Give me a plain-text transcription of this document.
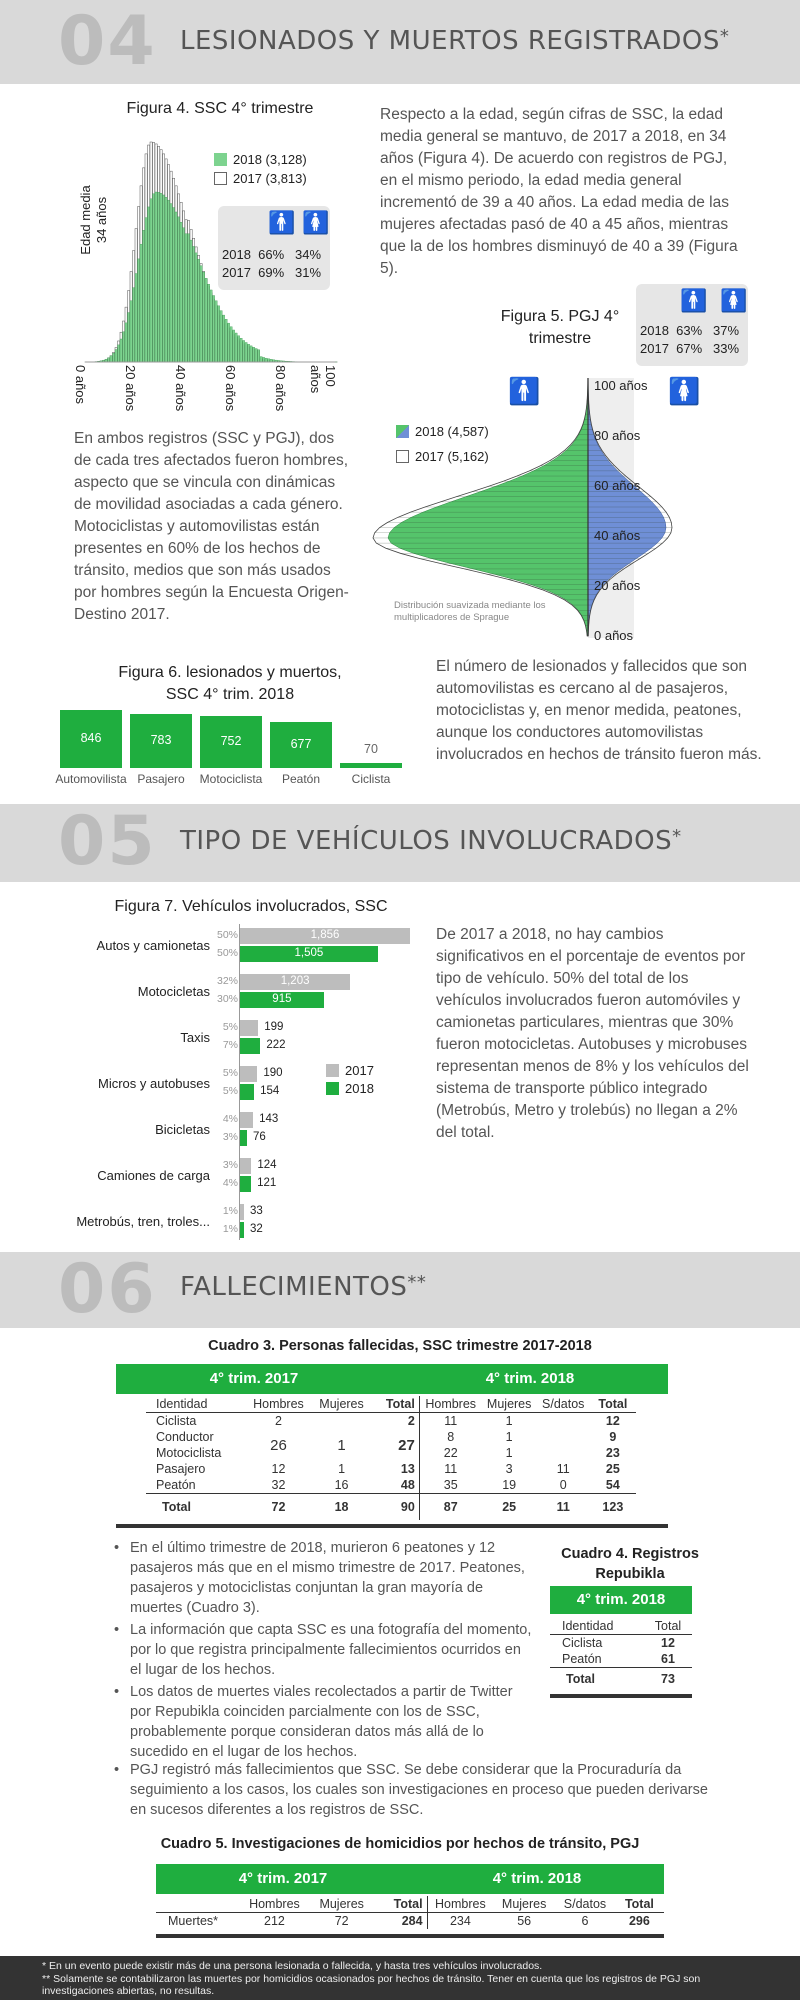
04 LESIONADOS Y MUERTOS REGISTRADOS*
Figura 4. SSC 4° trimestre
Edad media 34 años
2018 (3,128)
2017 (3,813)
🚹 🚺
2018 66% 34%
2017 69% 31%
0 años	20 años	40 años	60 años	80 años	100 años
Respecto a la edad, según cifras de SSC, la edad media general se mantuvo, de 2017 a 2018, en 34 años (Figura 4). De acuerdo con registros de PGJ, en el mismo periodo, la edad media general incrementó de 39 a 40 años. La edad media de las mujeres afectadas pasó de 40 a 45 años, mientras que la de los hombres disminuyó de 40 a 39 (Figura 5).
Figura 5. PGJ 4°
trimestre
🚹 🚺
2018 63% 37%
2017 67% 33%
🚹	🚺
100 años
80 años
60 años
40 años
20 años
0 años
2018 (4,587)
2017 (5,162)
Distribución suavizada mediante los
multiplicadores de Sprague
En ambos registros (SSC y PGJ), dos de cada tres afectados fueron hombres, aspecto que se vincula con dinámicas de movilidad asociadas a cada género. Motociclistas y automovilistas están presentes en 60% de los hechos de tránsito, medios que son más usados por hombres según la Encuesta Origen-Destino 2017.
Figura 6. lesionados y muertos,
SSC 4° trim. 2018
846
Automovilista
783
Pasajero
752
Motociclista
677
Peatón
70
Ciclista
El número de lesionados y fallecidos que son automovilistas es cercano al de pasajeros, motociclistas y, en menor medida, peatones, aunque los conductores automovilistas involucrados en hechos de tránsito fueron más.
05 TIPO DE VEHÍCULOS INVOLUCRADOS*
Figura 7. Vehículos involucrados, SSC
Autos y camionetas
50%	1,856
50%	1,505
Motocicletas
32%	1,203
30%	915
Taxis
5% 199
7% 222
Micros y autobuses
5% 190
5% 154
Bicicletas
4% 143
3% 76
Camiones de carga
3% 124
4% 121
Metrobús, tren, troles...
1% 33
1% 32
2017
2018
De 2017 a 2018, no hay cambios significativos en el porcentaje de eventos por tipo de vehículo. 50% del total de los vehículos involucrados fueron automóviles y camionetas particulares, mientras que 30% fueron motocicletas. Autobuses y microbuses representan menos de 8% y los vehículos del sistema de transporte público integrado (Metrobús, Metro y trolebús) no llegan a 2% del total.
06 FALLECIMIENTOS**
Cuadro 3. Personas fallecidas, SSC trimestre 2017-2018
4° trim. 2017	4° trim. 2018
Identidad	Hombres	Mujeres	Total	Hombres	Mujeres	S/datos	Total
Ciclista	2		2	11	1		12
Conductor	26	1	27	8	1		9
Motociclista				22	1		23
Pasajero	12	1	13	11	3	11	25
Peatón	32	16	48	35	19	0	54
Total	72	18	90	87	25	11	123
• En el último trimestre de 2018, murieron 6 peatones y 12 pasajeros más que en el mismo trimestre de 2017. Peatones, pasajeros y motociclistas conjuntan la gran mayoría de muertes (Cuadro 3).
• La información que capta SSC es una fotografía del momento, por lo que registra principalmente fallecimientos ocurridos en el lugar de los hechos.
• Los datos de muertes viales recolectados a partir de Twitter por Repubikla coinciden parcialmente con los de SSC, probablemente porque consideran datos más allá de lo sucedido en el lugar de los hechos.
• PGJ registró más fallecimientos que SSC. Se debe considerar que la Procuraduría da seguimiento a los casos, los cuales son investigaciones en proceso que pueden derivarse en sucesos diferentes a los registros de SSC.
Cuadro 4. Registros
Repubikla
4° trim. 2018
Identidad	Total
Ciclista	12
Peatón	61
Total	73
Cuadro 5. Investigaciones de homicidios por hechos de tránsito, PGJ
4° trim. 2017	4° trim. 2018
	Hombres	Mujeres	Total	Hombres	Mujeres	S/datos	Total
Muertes*	212	72	284	234	56	6	296
* En un evento puede existir más de una persona lesionada o fallecida, y hasta tres vehículos involucrados.
** Solamente se contabilizaron las muertes por homicidios ocasionados por hechos de tránsito. Tener en cuenta que los registros de PGJ son investigaciones abiertas, no resultas.
